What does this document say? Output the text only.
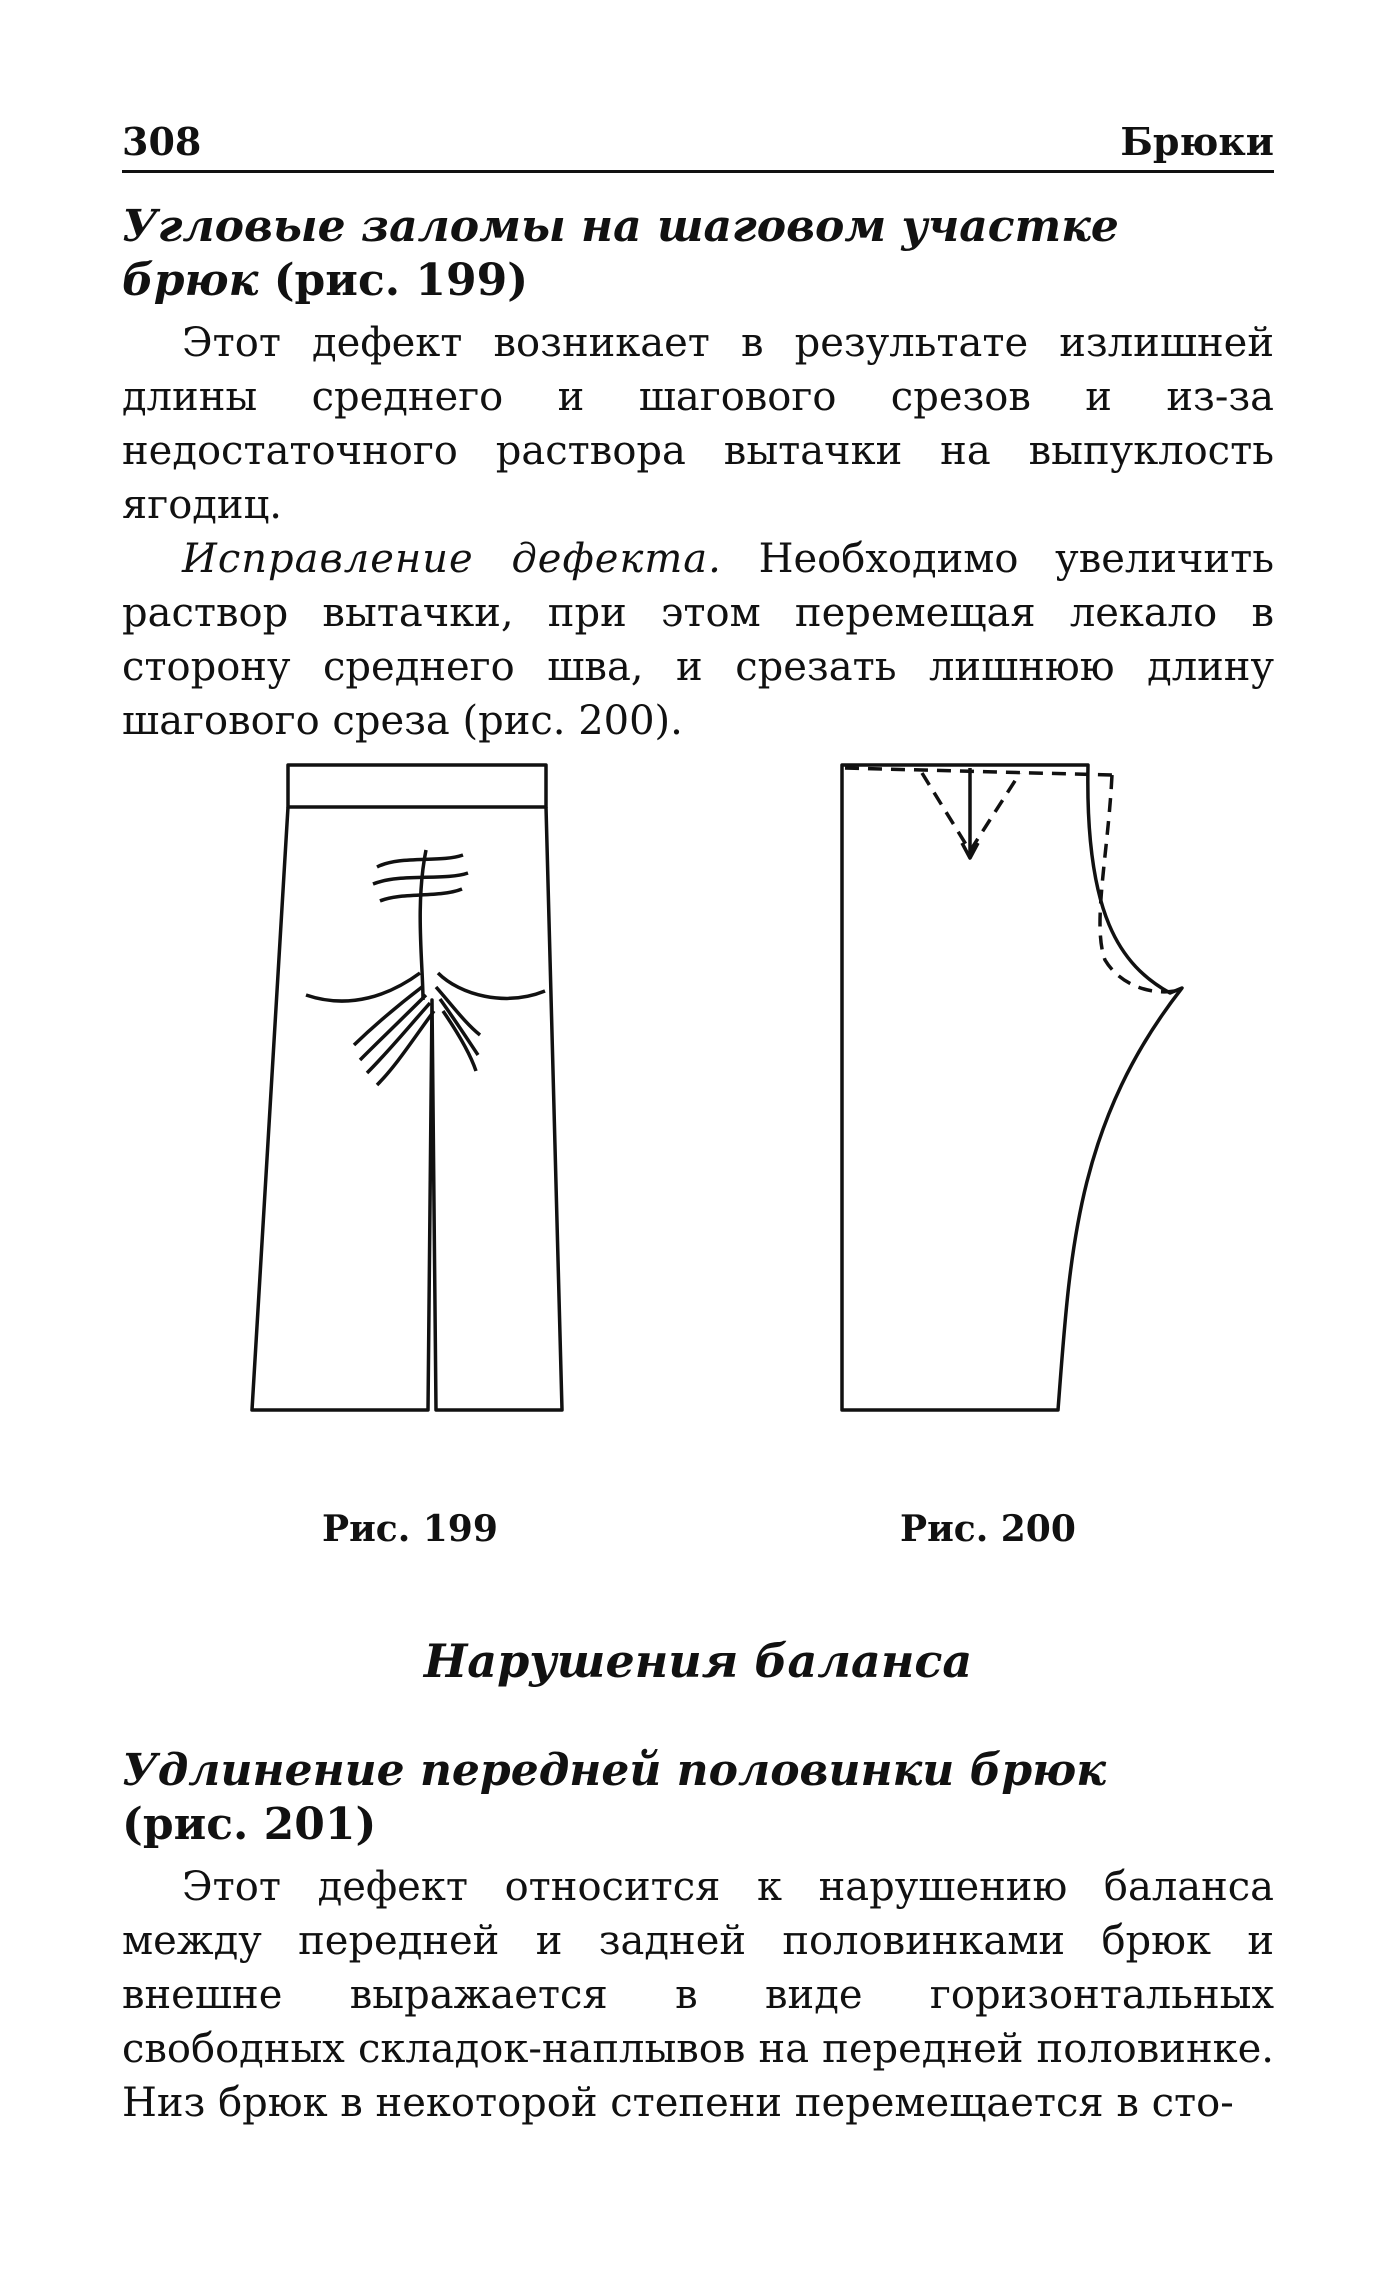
308	Брюки

Угловые заломы на шаговом участке

брюк (рис. 199)

Этот дефект возникает в результате излишней длины среднего и шагового срезов и из-за недостаточного раствора вытачки на выпуклость ягодиц.

Исправление дефекта. Необходимо увеличить раствор вытачки, при этом перемещая лекало в сторону среднего шва, и срезать лишнюю длину шагового среза (рис. 200).

Рис. 199	Рис. 200
Нарушения баланса

Удлинение передней половинки брюк

(рис. 201)

Этот дефект относится к нарушению баланса между передней и задней половинками брюк и внешне выражается в виде горизонтальных свободных складок-наплывов на передней половинке. Низ брюк в некоторой степени перемещается в сто-
